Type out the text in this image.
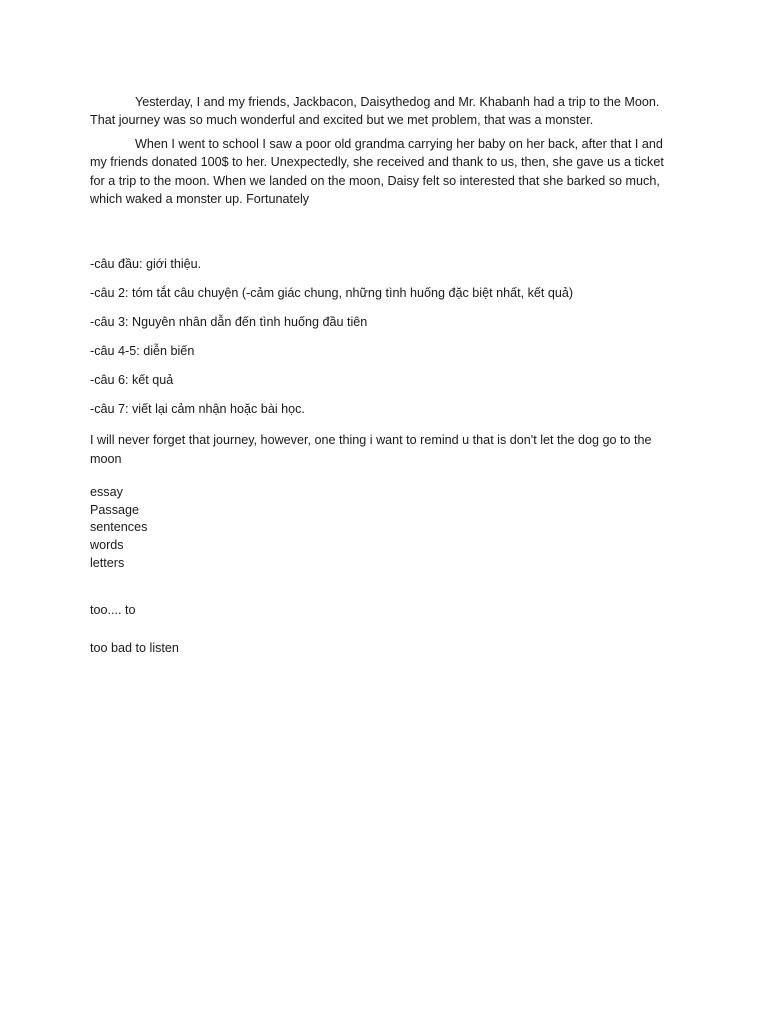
Yesterday, I and my friends, Jackbacon, Daisythedog and Mr. Khabanh had a trip to the Moon. That journey was so much wonderful and excited but we met problem, that was a monster.

When I went to school I saw a poor old grandma carrying her baby on her back, after that I and my friends donated 100$ to her. Unexpectedly, she received and thank to us, then, she gave us a ticket for a trip to the moon. When we landed on the moon, Daisy felt so interested that she barked so much, which waked a monster up. Fortunately

-câu đầu: giới thiệu.

-câu 2: tóm tắt câu chuyện (-cảm giác chung, những tình huống đặc biệt nhất, kết quả)

-câu 3: Nguyên nhân dẫn đến tình huống đầu tiên

-câu 4-5: diễn biến

-câu 6: kết quả

-câu 7: viết lại cảm nhận hoặc bài học.

I will never forget that journey, however, one thing i want to remind u that is don't let the dog go to the moon

essay
Passage
sentences
words
letters

too.... to

too bad to listen
